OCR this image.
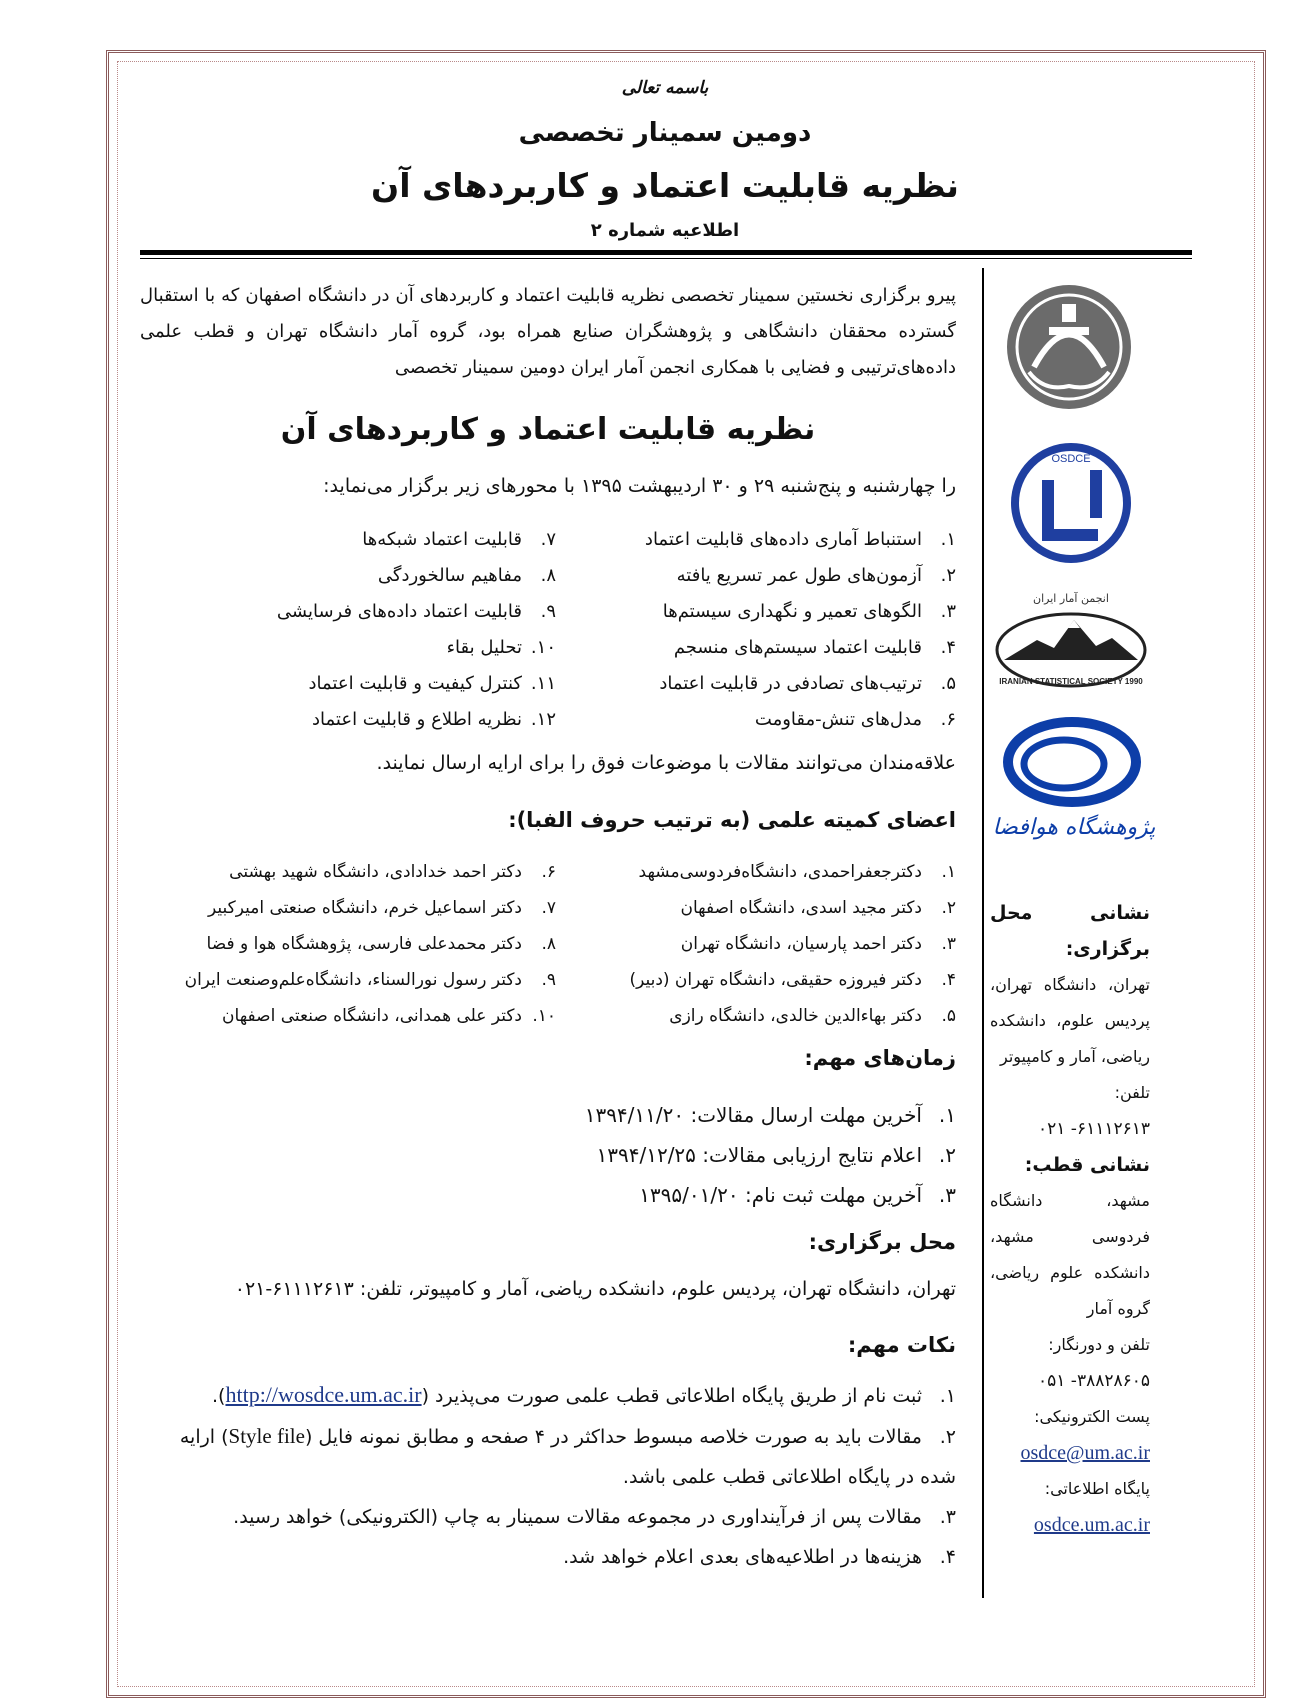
باسمه تعالی
دومین سمینار تخصصی
نظریه قابلیت اعتماد و کاربردهای آن
اطلاعیه شماره ۲
پیرو برگزاری نخستین سمینار تخصصی نظریه قابلیت اعتماد و کاربردهای آن در دانشگاه اصفهان که با استقبال گسترده محققان دانشگاهی و پژوهشگران صنایع همراه بود، گروه آمار دانشگاه تهران و قطب علمی داده‌های‌ترتیبی و فضایی با همکاری انجمن آمار ایران دومین سمینار تخصصی
نظریه قابلیت اعتماد و کاربردهای آن
را چهارشنبه و پنج‌شنبه ۲۹ و ۳۰ اردیبهشت ۱۳۹۵ با محورهای زیر برگزار می‌نماید:
۱.استنباط آماری داده‌های قابلیت اعتماد
۲.آزمون‌های طول عمر تسریع یافته
۳.الگوهای تعمیر و نگهداری سیستم‌ها
۴.قابلیت اعتماد سیستم‌های منسجم
۵.ترتیب‌های تصادفی در قابلیت اعتماد
۶.مدل‌های تنش-مقاومت
۷.قابلیت اعتماد شبکه‌ها
۸.مفاهیم سالخوردگی
۹.قابلیت اعتماد داده‌های فرسایشی
۱۰.تحلیل بقاء
۱۱.کنترل کیفیت و قابلیت اعتماد
۱۲.نظریه اطلاع و قابلیت اعتماد
علاقه‌مندان می‌توانند مقالات با موضوعات فوق را برای ارایه ارسال نمایند.
اعضای کمیته علمی (به ترتیب حروف الفبا):
۱.دکترجعفراحمدی، دانشگاه‌فردوسی‌مشهد
۲.دکتر مجید اسدی، دانشگاه اصفهان
۳.دکتر احمد پارسیان، دانشگاه تهران
۴.دکتر فیروزه حقیقی، دانشگاه تهران (دبیر)
۵.دکتر بهاءالدین خالدی، دانشگاه رازی
۶.دکتر احمد خدادادی، دانشگاه شهید بهشتی
۷.دکتر اسماعیل خرم، دانشگاه صنعتی امیرکبیر
۸.دکتر محمدعلی فارسی، پژوهشگاه هوا و فضا
۹.دکتر رسول نورالسناء، دانشگاه‌علم‌وصنعت ایران
۱۰.دکتر علی همدانی، دانشگاه صنعتی اصفهان
زمان‌های مهم:
۱.آخرین مهلت ارسال مقالات: ۱۳۹۴/۱۱/۲۰
۲.اعلام نتایج ارزیابی مقالات: ۱۳۹۴/۱۲/۲۵
۳.آخرین مهلت ثبت نام: ۱۳۹۵/۰۱/۲۰
محل برگزاری:
تهران، دانشگاه تهران، پردیس علوم، دانشکده ریاضی، آمار و کامپیوتر، تلفن: ۶۱۱۱۲۶۱۳-۰۲۱
نکات مهم:
۱.ثبت نام از طریق پایگاه اطلاعاتی قطب علمی صورت می‌پذیرد (http://wosdce.um.ac.ir).
۲.مقالات باید به صورت خلاصه مبسوط حداکثر در ۴ صفحه و مطابق نمونه فایل (Style file) ارایه شده در پایگاه اطلاعاتی قطب علمی باشد.
۳.مقالات پس از فرآینداوری در مجموعه مقالات سمینار به چاپ (الکترونیکی) خواهد رسید.
۴.هزینه‌ها در اطلاعیه‌های بعدی اعلام خواهد شد.
OSDCE
انجمن آمار ایران
IRANIAN STATISTICAL SOCIETY 1990
پژوهشگاه هوافضا
نشانی محل برگزاری:
تهران، دانشگاه تهران، پردیس علوم، دانشکده ریاضی، آمار و کامپیوتر
تلفن:
۰۲۱ -۶۱۱۱۲۶۱۳
نشانی قطب:
مشهد، دانشگاه فردوسی مشهد، دانشکده علوم ریاضی، گروه آمار
تلفن و دورنگار:
۰۵۱ -۳۸۸۲۸۶۰۵
پست الکترونیکی:
osdce@um.ac.ir
پایگاه اطلاعاتی:
osdce.um.ac.ir
